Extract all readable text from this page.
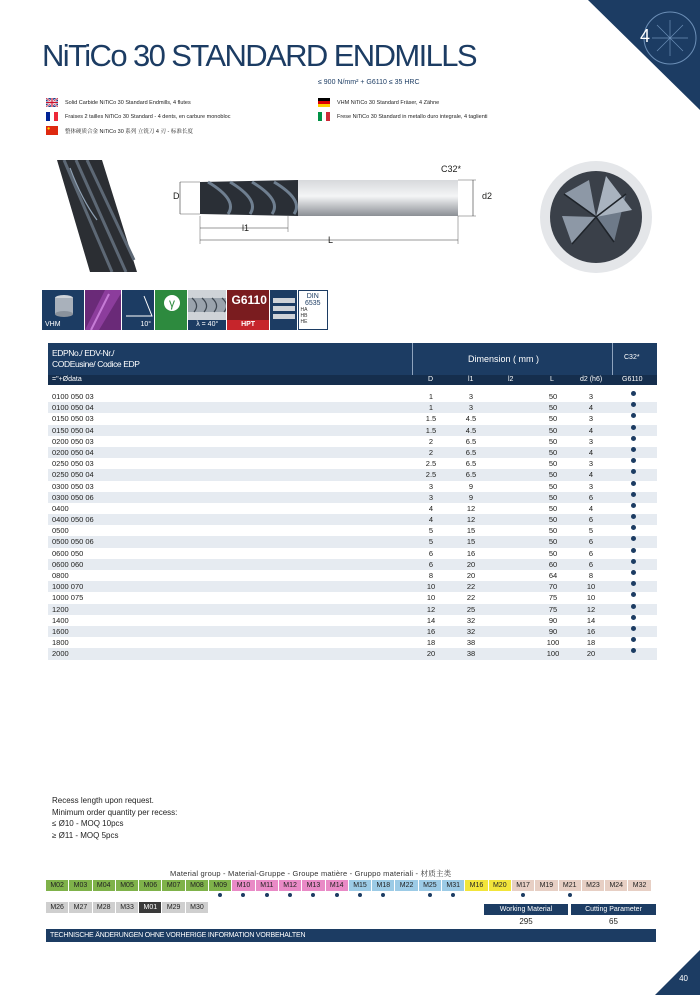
4
NiTiCo 30 STANDARD ENDMILLS
≤ 900 N/mm² + G6110 ≤ 35 HRC
Solid Carbide NiTiCo 30 Standard Endmills, 4 flutes	VHM NiTiCo 30 Standard Fräser, 4 Zähne
Fraises 2 tailles NiTiCo 30 Standard - 4 dents, en carbure monobloc	Frese NiTiCo 30 Standard in metallo duro integrale, 4 taglienti
整体硬质合金 NiTiCo 30 系列 立铣刀 4 刃 - 标准长度
C32*
D	d2
l1
L
VHM	10°
γ
λ = 40°
G6110
HPT
DIN 6535
HA
HB
HE
EDPNo./ EDV-Nr./
CODEusine/ Codice EDP	Dimension ( mm )	C32*
="+Ødata	D	l1	l2	L	d2 (h6)	G6110
0100 050 03	1	3	50	3
0100 050 04	1	3	50	4
0150 050 03	1.5	4.5	50	3
0150 050 04	1.5	4.5	50	4
0200 050 03	2	6.5	50	3
0200 050 04	2	6.5	50	4
0250 050 03	2.5	6.5	50	3
0250 050 04	2.5	6.5	50	4
0300 050 03	3	9	50	3
0300 050 06	3	9	50	6
0400	4	12	50	4
0400 050 06	4	12	50	6
0500	5	15	50	5
0500 050 06	5	15	50	6
0600 050	6	16	50	6
0600 060	6	20	60	6
0800	8	20	64	8
1000 070	10	22	70	10
1000 075	10	22	75	10
1200	12	25	75	12
1400	14	32	90	14
1600	16	32	90	16
1800	18	38	100	18
2000	20	38	100	20
Recess length upon request.
Minimum order quantity per recess:
≤ Ø10 - MOQ 10pcs
≥ Ø11 - MOQ 5pcs
Material group - Material-Gruppe - Groupe matière - Gruppo materiali - 材质主类
M02	M03	M04	M05	M06	M07	M08	M09	M10	M11	M12	M13	M14	M15	M18	M22	M25	M31	M16	M20	M17	M19	M21	M23	M24	M32
M26	M27	M28	M33	M01	M29	M30	Working Material	Cutting Parameter
295	65
TECHNISCHE ÄNDERUNGEN OHNE VORHERIGE INFORMATION VORBEHALTEN
40
